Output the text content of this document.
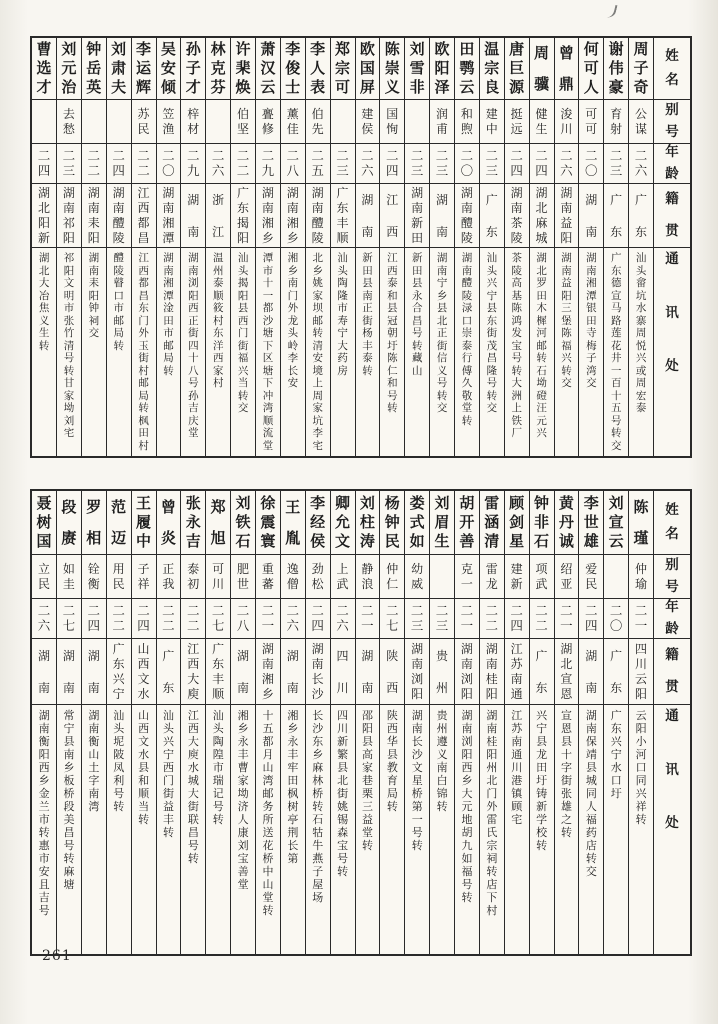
姓
名
别
号
年
龄
籍
贯
通
讯
处
周
子
奇
公
谋
二
六
广
东
汕
头
畲
坑
水
寨
周
悦
兴
或
周
宏
泰
谢
伟
豪
育
射
二
三
广
东
广
东
德
宣
马
路
莲
花
井
一
百
十
五
号
转
交
何
可
人
可
可
二
〇
湖
南
湖
南
湘
潭
银
田
寺
梅
子
湾
交
曾
鼎
浚
川
二
六
湖
南
益
阳
湖
南
益
阳
三
堡
陈
福
兴
转
交
周
骥
健
生
二
四
湖
北
麻
城
湖
北
罗
田
木
樨
河
邮
转
石
坳
磴
汪
元
兴
唐
巨
源
挺
远
二
四
湖
南
茶
陵
茶
陵
高
基
陈
鸿
发
宝
号
转
大
洲
上
铁
厂
温
宗
良
建
中
二
三
广
东
汕
头
兴
宁
县
东
街
茂
昌
隆
号
转
交
田
鹗
云
和
煦
二
〇
湖
南
醴
陵
湖
南
醴
陵
渌
口
崇
泰
行
傅
久
敬
堂
转
欧
阳
泽
润
甫
二
三
湖
南
湖
南
宁
乡
县
北
正
街
信
义
号
转
交
刘
雪
非
二
三
湖
南
新
田
新
田
县
永
合
昌
号
转
藏
山
陈
崇
义
国
恂
二
四
江
西
江
西
泰
和
县
冠
朝
圩
陈
仁
和
号
转
欧
国
屏
建
侯
二
六
湖
南
新
田
县
南
正
街
杨
丰
泰
转
郑
宗
可
二
三
广
东
丰
顺
汕
头
陶
隆
市
寿
宁
大
药
房
李
人
表
伯
先
二
五
湖
南
醴
陵
北
乡
姚
家
坝
邮
转
清
安
境
上
周
家
坑
李
宅
李
俊
士
薰
佳
二
八
湖
南
湘
乡
湘
乡
南
门
外
龙
头
岭
李
长
安
萧
汉
云
亹
修
二
九
湖
南
湘
乡
潭
市
十
一
都
沙
塘
下
区
塘
下
冲
湾
顺
流
堂
许
棐
焕
伯
坚
二
二
广
东
揭
阳
汕
头
揭
阳
县
西
门
街
福
兴
当
转
交
林
克
芬
二
六
浙
江
温
州
泰
顺
筱
村
东
洋
西
家
村
孙
子
才
梓
材
二
九
湖
南
湖
南
浏
阳
西
正
街
四
十
八
号
孙
吉
庆
堂
吴
安
倾
笠
渔
二
〇
湖
南
湘
潭
湖
南
湘
潭
淦
田
市
邮
局
转
李
运
辉
苏
民
二
二
江
西
都
昌
江
西
都
昌
东
门
外
玉
街
村
邮
局
转
枫
田
村
刘
肃
夫
二
四
湖
南
醴
陵
醴
陵
瞽
口
市
邮
局
转
钟
岳
英
二
二
湖
南
耒
阳
湖
南
耒
阳
钟
祠
交
刘
元
治
去
愁
二
三
湖
南
祁
阳
祁
阳
文
明
市
张
竹
清
号
转
甘
家
坳
刘
宅
曹
选
才
二
四
湖
北
阳
新
湖
北
大
冶
焦
义
生
转
姓
名
别
号
年
龄
籍
贯
通
讯
处
陈
瑾
仲
瑜
二
一
四
川
云
阳
云
阳
小
河
口
同
兴
祥
转
刘
宣
云
二
〇
广
东
广
东
兴
宁
水
口
圩
李
世
雄
爱
民
二
四
湖
南
湖
南
保
靖
县
城
同
人
福
药
店
转
交
黄
丹
诚
绍
亚
二
一
湖
北
宣
恩
宣
恩
县
十
字
街
张
雄
之
转
钟
非
石
项
武
二
二
广
东
兴
宁
县
龙
田
圩
铸
新
学
校
转
顾
剑
星
建
新
二
四
江
苏
南
通
江
苏
南
通
川
港
镇
顾
宅
雷
涵
清
雷
龙
二
二
湖
南
桂
阳
湖
南
桂
阳
州
北
门
外
雷
氏
宗
祠
转
店
下
村
胡
开
善
克
一
二
一
湖
南
浏
阳
湖
南
浏
阳
西
乡
大
元
地
胡
九
如
福
号
转
刘
眉
生
二
三
贵
州
贵
州
遵
义
南
白
锦
转
娄
式
如
幼
威
二
三
湖
南
浏
阳
湖
南
长
沙
文
星
桥
第
一
号
转
杨
钟
民
仲
仁
二
七
陕
西
陕
西
华
县
教
育
局
转
刘
柱
涛
静
浪
二
一
湖
南
邵
阳
县
高
家
巷
栗
三
益
堂
转
卿
允
文
上
武
二
六
四
川
四
川
新
繁
县
北
街
姚
锡
森
宝
号
转
李
经
侯
劲
松
二
四
湖
南
长
沙
长
沙
东
乡
麻
林
桥
转
石
牯
牛
燕
子
屋
场
王
胤
逸
僧
二
六
湖
南
湘
乡
永
丰
牢
田
枫
树
亭
荆
长
第
徐
震
寰
重
蕃
二
一
湖
南
湘
乡
十
五
都
月
山
湾
邮
务
所
送
花
桥
中
山
堂
转
刘
铁
石
肥
世
二
八
湖
南
湘
乡
永
丰
曹
家
坳
济
人
康
刘
宝
善
堂
郑
旭
可
川
二
七
广
东
丰
顺
汕
头
陶
隍
市
瑞
记
号
转
张
永
吉
泰
初
二
二
江
西
大
庾
江
西
大
庾
水
城
大
街
联
昌
号
转
曾
炎
正
我
二
二
广
东
汕
头
兴
宁
西
门
街
益
丰
转
王
履
中
子
祥
二
四
山
西
文
水
山
西
文
水
县
和
顺
当
转
范
迈
用
民
二
二
广
东
兴
宁
汕
头
坭
陂
凤
利
号
转
罗
相
铨
衡
二
四
湖
南
湖
南
衡
山
土
字
南
湾
段
赓
如
圭
二
七
湖
南
常
宁
县
南
乡
板
桥
段
美
昌
号
转
麻
塘
聂
树
国
立
民
二
六
湖
南
湖
南
衡
阳
西
乡
金
兰
市
转
惠
市
安
且
吉
号
261
